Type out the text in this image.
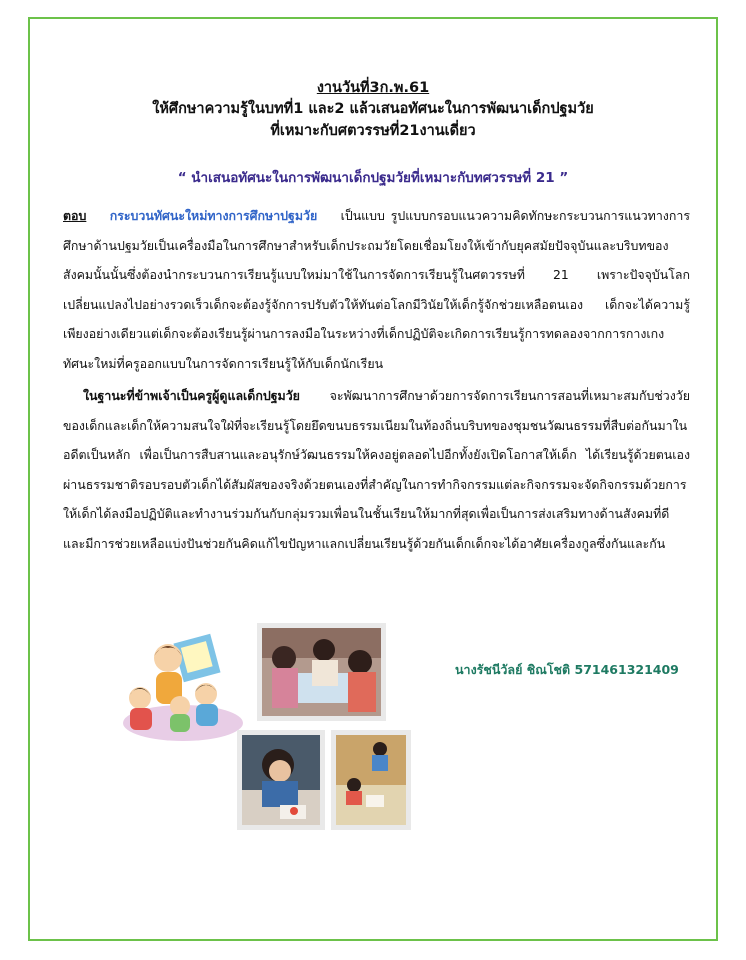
งานวันที่3ก.พ.61
ให้ศึกษาความรู้ในบทที่1 และ2 แล้วเสนอทัศนะในการพัฒนาเด็กปฐมวัย
ที่เหมาะกับศตวรรษที่21งานเดี่ยว
“ นำเสนอทัศนะในการพัฒนาเด็กปฐมวัยที่เหมาะกับทศวรรษที่ 21 ”
ตอบ กระบวนทัศนะใหม่ทางการศึกษาปฐมวัย เป็นแบบ รูปแบบกรอบแนวความคิดทักษะกระบวนการแนวทางการศึกษาด้านปฐมวัยเป็นเครื่องมือในการศึกษาสำหรับเด็กประถมวัยโดยเชื่อมโยงให้เข้ากับยุคสมัยปัจจุบันและบริบทของสังคมนั้นนั้นซึ่งต้องนำกระบวนการเรียนรู้แบบใหม่มาใช้ในการจัดการเรียนรู้ในศตวรรษที่ 21 เพราะปัจจุบันโลกเปลี่ยนแปลงไปอย่างรวดเร็วเด็กจะต้องรู้จักการปรับตัวให้ทันต่อโลกมีวินัยให้เด็กรู้จักช่วยเหลือตนเอง เด็กจะได้ความรู้เพียงอย่างเดียวแต่เด็กจะต้องเรียนรู้ผ่านการลงมือในระหว่างที่เด็กปฏิบัติจะเกิดการเรียนรู้การทดลองจากการกางเกงทัศนะใหม่ที่ครูออกแบบในการจัดการเรียนรู้ให้กับเด็กนักเรียน
ในฐานะที่ข้าพเจ้าเป็นครูผู้ดูแลเด็กปฐมวัย จะพัฒนาการศึกษาด้วยการจัดการเรียนการสอนที่เหมาะสมกับช่วงวัยของเด็กและเด็กให้ความสนใจใฝ่ที่จะเรียนรู้โดยยึดขนบธรรมเนียมในท้องถิ่นบริบทของชุมชนวัฒนธรรมที่สืบต่อกันมาในอดีตเป็นหลัก เพื่อเป็นการสืบสานและอนุรักษ์วัฒนธรรมให้คงอยู่ตลอดไปอีกทั้งยังเปิดโอกาสให้เด็ก ได้เรียนรู้ด้วยตนเองผ่านธรรมชาติรอบรอบตัวเด็กได้สัมผัสของจริงด้วยตนเองที่สำคัญในการทำกิจกรรมแต่ละกิจกรรมจะจัดกิจกรรมด้วยการให้เด็กได้ลงมือปฏิบัติและทำงานร่วมกันกับกลุ่มรวมเพื่อนในชั้นเรียนให้มากที่สุดเพื่อเป็นการส่งเสริมทางด้านสังคมที่ดีและมีการช่วยเหลือแบ่งปันช่วยกันคิดแก้ไขปัญหาแลกเปลี่ยนเรียนรู้ด้วยกันเด็กเด็กจะได้อาศัยเครื่องกูลซึ่งกันและกัน
นางรัชนีวัลย์ ชิณโชติ 571461321409
